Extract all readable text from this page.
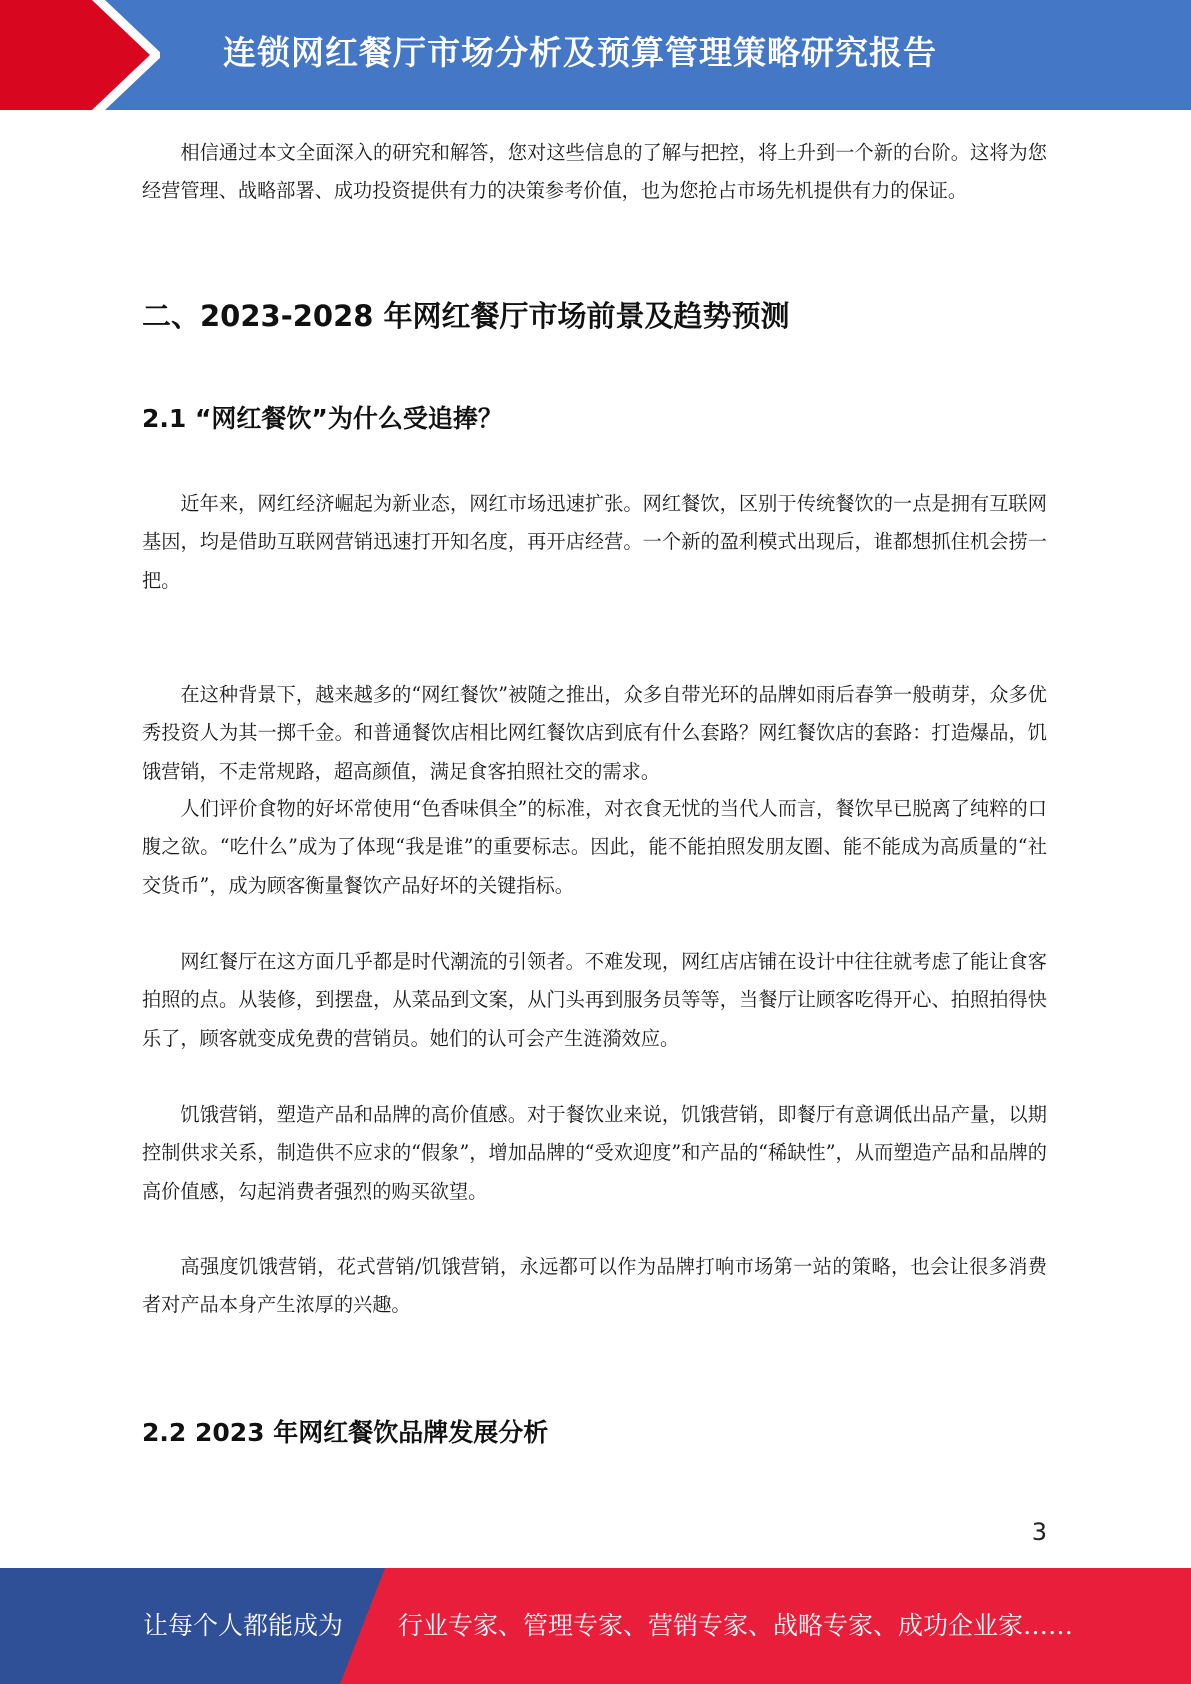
连锁网红餐厅市场分析及预算管理策略研究报告

相信通过本文全面深入的研究和解答，您对这些信息的了解与把控，将上升到一个新的台阶。这将为您经营管理、战略部署、成功投资提供有力的决策参考价值，也为您抢占市场先机提供有力的保证。

二、2023-2028 年网红餐厅市场前景及趋势预测
2.1 “网红餐饮”为什么受追捧？

近年来，网红经济崛起为新业态，网红市场迅速扩张。网红餐饮，区别于传统餐饮的一点是拥有互联网基因，均是借助互联网营销迅速打开知名度，再开店经营。一个新的盈利模式出现后，谁都想抓住机会捞一把。

在这种背景下，越来越多的“网红餐饮”被随之推出，众多自带光环的品牌如雨后春笋一般萌芽，众多优秀投资人为其一掷千金。和普通餐饮店相比网红餐饮店到底有什么套路？网红餐饮店的套路：打造爆品，饥饿营销，不走常规路，超高颜值，满足食客拍照社交的需求。

人们评价食物的好坏常使用“色香味俱全”的标准，对衣食无忧的当代人而言，餐饮早已脱离了纯粹的口腹之欲。“吃什么”成为了体现“我是谁”的重要标志。因此，能不能拍照发朋友圈、能不能成为高质量的“社交货币”，成为顾客衡量餐饮产品好坏的关键指标。

网红餐厅在这方面几乎都是时代潮流的引领者。不难发现，网红店店铺在设计中往往就考虑了能让食客拍照的点。从装修，到摆盘，从菜品到文案，从门头再到服务员等等，当餐厅让顾客吃得开心、拍照拍得快乐了，顾客就变成免费的营销员。她们的认可会产生涟漪效应。

饥饿营销，塑造产品和品牌的高价值感。对于餐饮业来说，饥饿营销，即餐厅有意调低出品产量，以期控制供求关系，制造供不应求的“假象”，增加品牌的“受欢迎度”和产品的“稀缺性”，从而塑造产品和品牌的高价值感，勾起消费者强烈的购买欲望。

高强度饥饿营销，花式营销/饥饿营销，永远都可以作为品牌打响市场第一站的策略，也会让很多消费者对产品本身产生浓厚的兴趣。

2.2 2023 年网红餐饮品牌发展分析
3
让每个人都能成为 行业专家、管理专家、营销专家、战略专家、成功企业家……
